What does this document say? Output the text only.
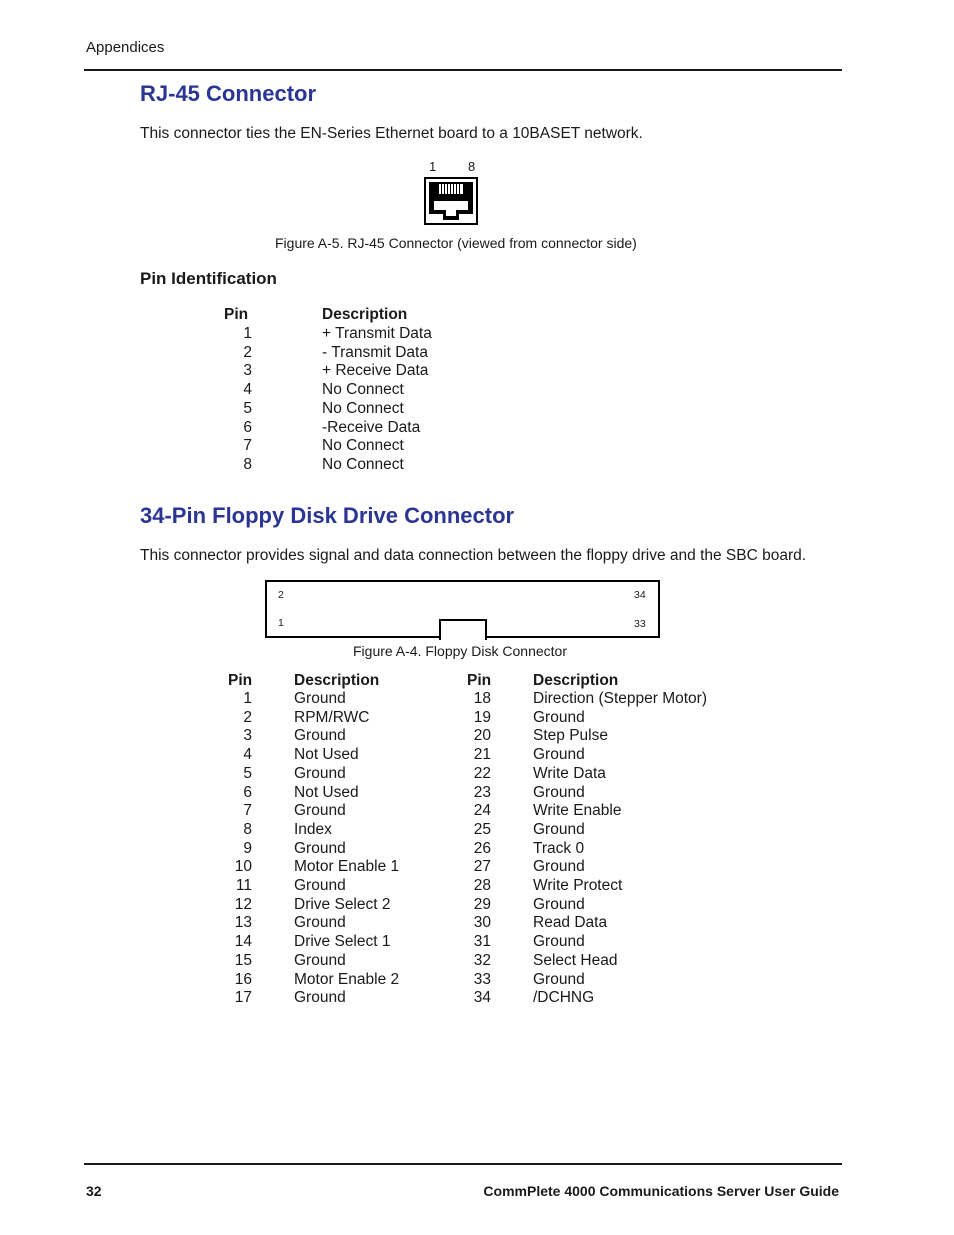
Appendices
RJ-45 Connector
This connector ties the EN-Series Ethernet board to a 10BASET network.
1 8
Figure A-5. RJ-45 Connector (viewed from connector side)
Pin Identification
Pin	Description
1	+ Transmit Data
2	- Transmit Data
3	+ Receive Data
4	No Connect
5	No Connect
6	-Receive Data
7	No Connect
8	No Connect
34-Pin Floppy Disk Drive Connector
This connector provides signal and data connection between the floppy drive and the SBC board.
2
1
34
33
Figure A-4. Floppy Disk Connector
Pin	Description	Pin	Description
1	Ground	18	Direction (Stepper Motor)
2	RPM/RWC	19	Ground
3	Ground	20	Step Pulse
4	Not Used	21	Ground
5	Ground	22	Write Data
6	Not Used	23	Ground
7	Ground	24	Write Enable
8	Index	25	Ground
9	Ground	26	Track 0
10	Motor Enable 1	27	Ground
11	Ground	28	Write Protect
12	Drive Select 2	29	Ground
13	Ground	30	Read Data
14	Drive Select 1	31	Ground
15	Ground	32	Select Head
16	Motor Enable 2	33	Ground
17	Ground	34	/DCHNG
32	CommPlete 4000 Communications Server User Guide
